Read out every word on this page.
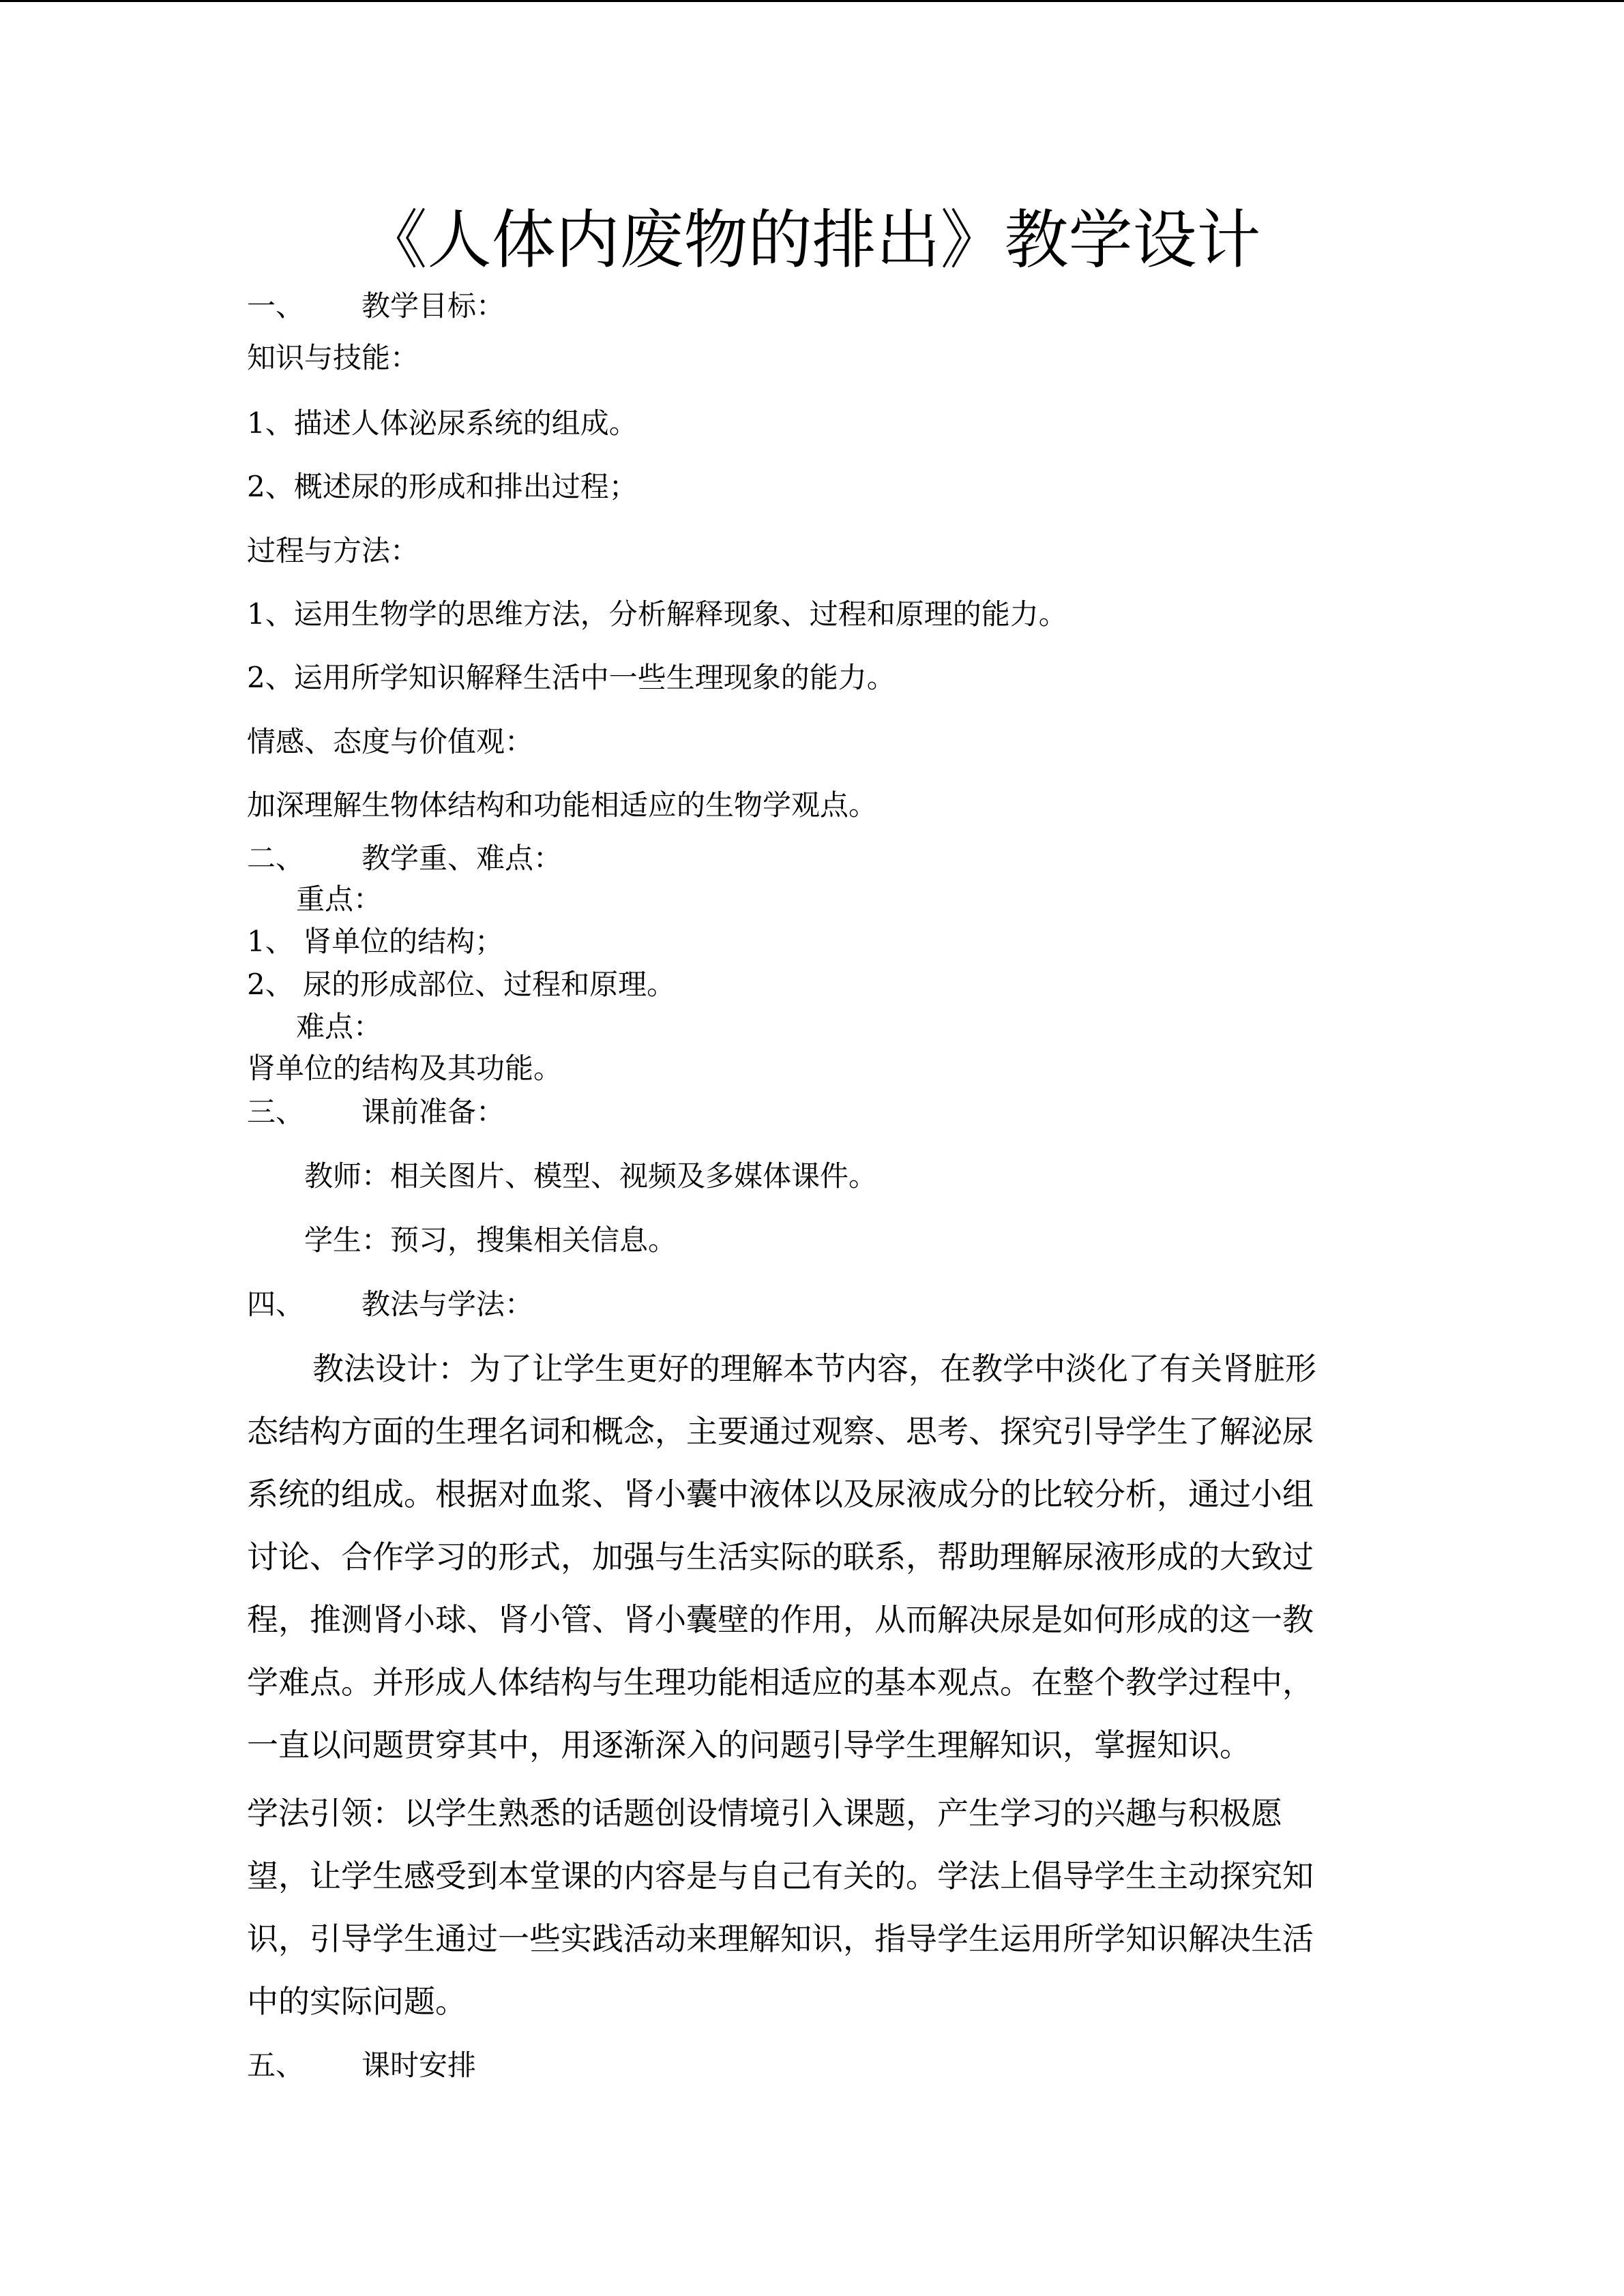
《人体内废物的排出》教学设计

一、 教学目标：

知识与技能：

1、描述人体泌尿系统的组成。

2、概述尿的形成和排出过程；

过程与方法：

1、运用生物学的思维方法，分析解释现象、过程和原理的能力。

2、运用所学知识解释生活中一些生理现象的能力。

情感、态度与价值观：

加深理解生物体结构和功能相适应的生物学观点。

二、 教学重、难点：

重点：

1、 肾单位的结构；

2、 尿的形成部位、过程和原理。

难点：

肾单位的结构及其功能。

三、 课前准备：

教师：相关图片、模型、视频及多媒体课件。

学生：预习，搜集相关信息。

四、 教法与学法：

教法设计：为了让学生更好的理解本节内容，在教学中淡化了有关肾脏形
态结构方面的生理名词和概念，主要通过观察、思考、探究引导学生了解泌尿
系统的组成。根据对血浆、肾小囊中液体以及尿液成分的比较分析，通过小组
讨论、合作学习的形式，加强与生活实际的联系，帮助理解尿液形成的大致过
程，推测肾小球、肾小管、肾小囊壁的作用，从而解决尿是如何形成的这一教
学难点。并形成人体结构与生理功能相适应的基本观点。在整个教学过程中，
一直以问题贯穿其中，用逐渐深入的问题引导学生理解知识，掌握知识。
学法引领：以学生熟悉的话题创设情境引入课题，产生学习的兴趣与积极愿
望，让学生感受到本堂课的内容是与自己有关的。学法上倡导学生主动探究知
识，引导学生通过一些实践活动来理解知识，指导学生运用所学知识解决生活
中的实际问题。

五、 课时安排
